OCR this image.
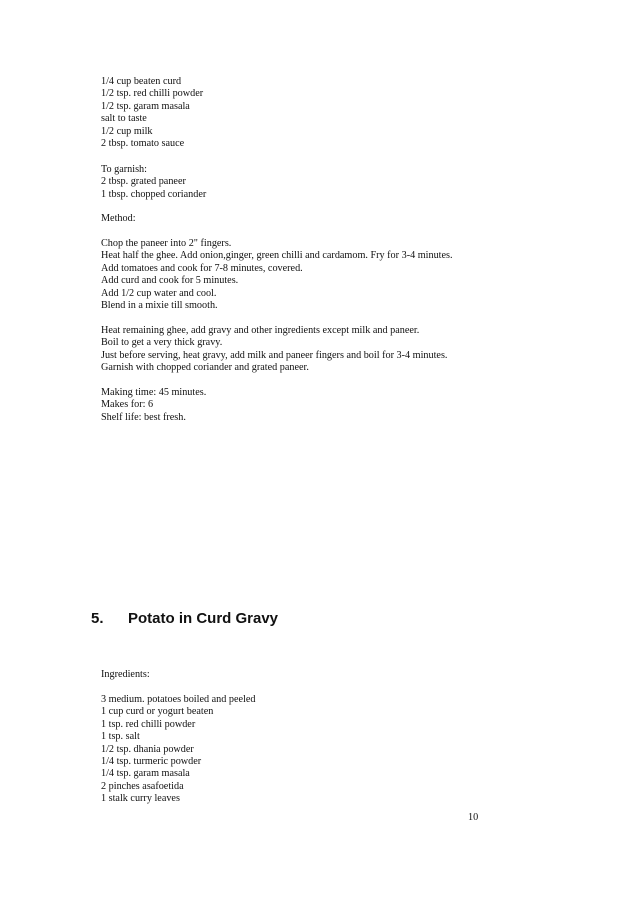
1/4 cup beaten curd
1/2 tsp. red chilli powder
1/2 tsp. garam masala
salt to taste
1/2 cup milk
2 tbsp. tomato sauce
To garnish:
2 tbsp. grated paneer
1 tbsp. chopped coriander
Method:
Chop the paneer into 2" fingers.
Heat half the ghee. Add onion,ginger, green chilli and cardamom. Fry for 3-4 minutes.
Add tomatoes and cook for 7-8 minutes, covered.
Add curd and cook for 5 minutes.
Add 1/2 cup water and cool.
Blend in a mixie till smooth.
Heat remaining ghee, add gravy and other ingredients except milk and paneer.
Boil to get a very thick gravy.
Just before serving, heat gravy, add milk and paneer fingers and boil for 3-4 minutes.
Garnish with chopped coriander and grated paneer.
Making time: 45 minutes.
Makes for: 6
Shelf life: best fresh.
5. Potato in Curd Gravy
Ingredients:
3 medium. potatoes boiled and peeled
1 cup curd or yogurt beaten
1 tsp. red chilli powder
1 tsp. salt
1/2 tsp. dhania powder
1/4 tsp. turmeric powder
1/4 tsp. garam masala
2 pinches asafoetida
1 stalk curry leaves
10
